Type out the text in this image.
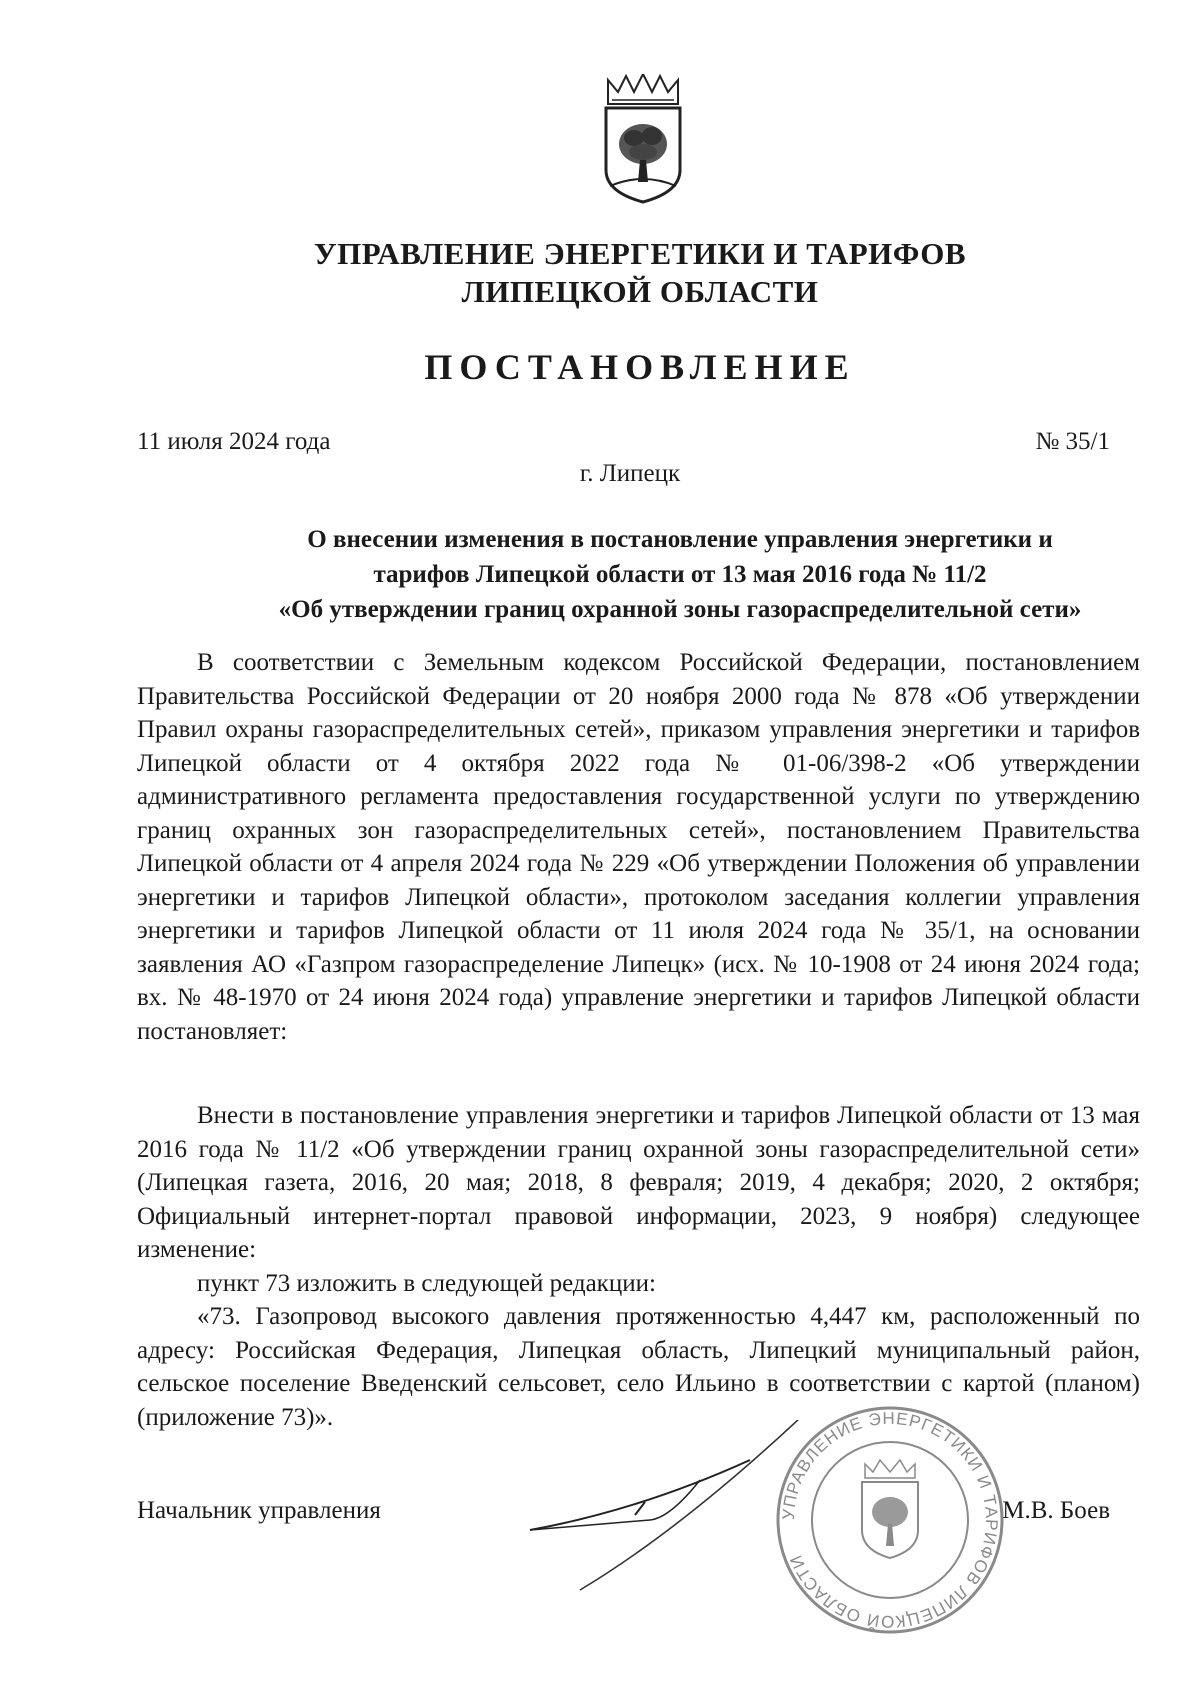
УПРАВЛЕНИЕ ЭНЕРГЕТИКИ И ТАРИФОВ
ЛИПЕЦКОЙ ОБЛАСТИ
ПОСТАНОВЛЕНИЕ
11 июля 2024 года	№ 35/1
г. Липецк
О внесении изменения в постановление управления энергетики и
тарифов Липецкой области от 13 мая 2016 года № 11/2
«Об утверждении границ охранной зоны газораспределительной сети»

В соответствии с Земельным кодексом Российской Федерации, постановлением Правительства Российской Федерации от 20 ноября 2000 года № 878 «Об утверждении Правил охраны газораспределительных сетей», приказом управления энергетики и тарифов Липецкой области от 4 октября 2022 года № 01-06/398-2 «Об утверждении административного регламента предоставления государственной услуги по утверждению границ охранных зон газораспределительных сетей», постановлением Правительства Липецкой области от 4 апреля 2024 года № 229 «Об утверждении Положения об управлении энергетики и тарифов Липецкой области», протоколом заседания коллегии управления энергетики и тарифов Липецкой области от 11 июля 2024 года № 35/1, на основании заявления АО «Газпром газораспределение Липецк» (исх. № 10-1908 от 24 июня 2024 года; вх. № 48-1970 от 24 июня 2024 года) управление энергетики и тарифов Липецкой области постановляет:

Внести в постановление управления энергетики и тарифов Липецкой области от 13 мая 2016 года № 11/2 «Об утверждении границ охранной зоны газораспределительной сети» (Липецкая газета, 2016, 20 мая; 2018, 8 февраля; 2019, 4 декабря; 2020, 2 октября; Официальный интернет-портал правовой информации, 2023, 9 ноября) следующее изменение:

пункт 73 изложить в следующей редакции:

«73. Газопровод высокого давления протяженностью 4,447 км, расположенный по адресу: Российская Федерация, Липецкая область, Липецкий муниципальный район, сельское поселение Введенский сельсовет, село Ильино в соответствии с картой (планом) (приложение 73)».

УПРАВЛЕНИЕ ЭНЕРГЕТИКИ И ТАРИФОВ ЛИПЕЦКОЙ ОБЛАСТИ
Начальник управления	М.В. Боев
